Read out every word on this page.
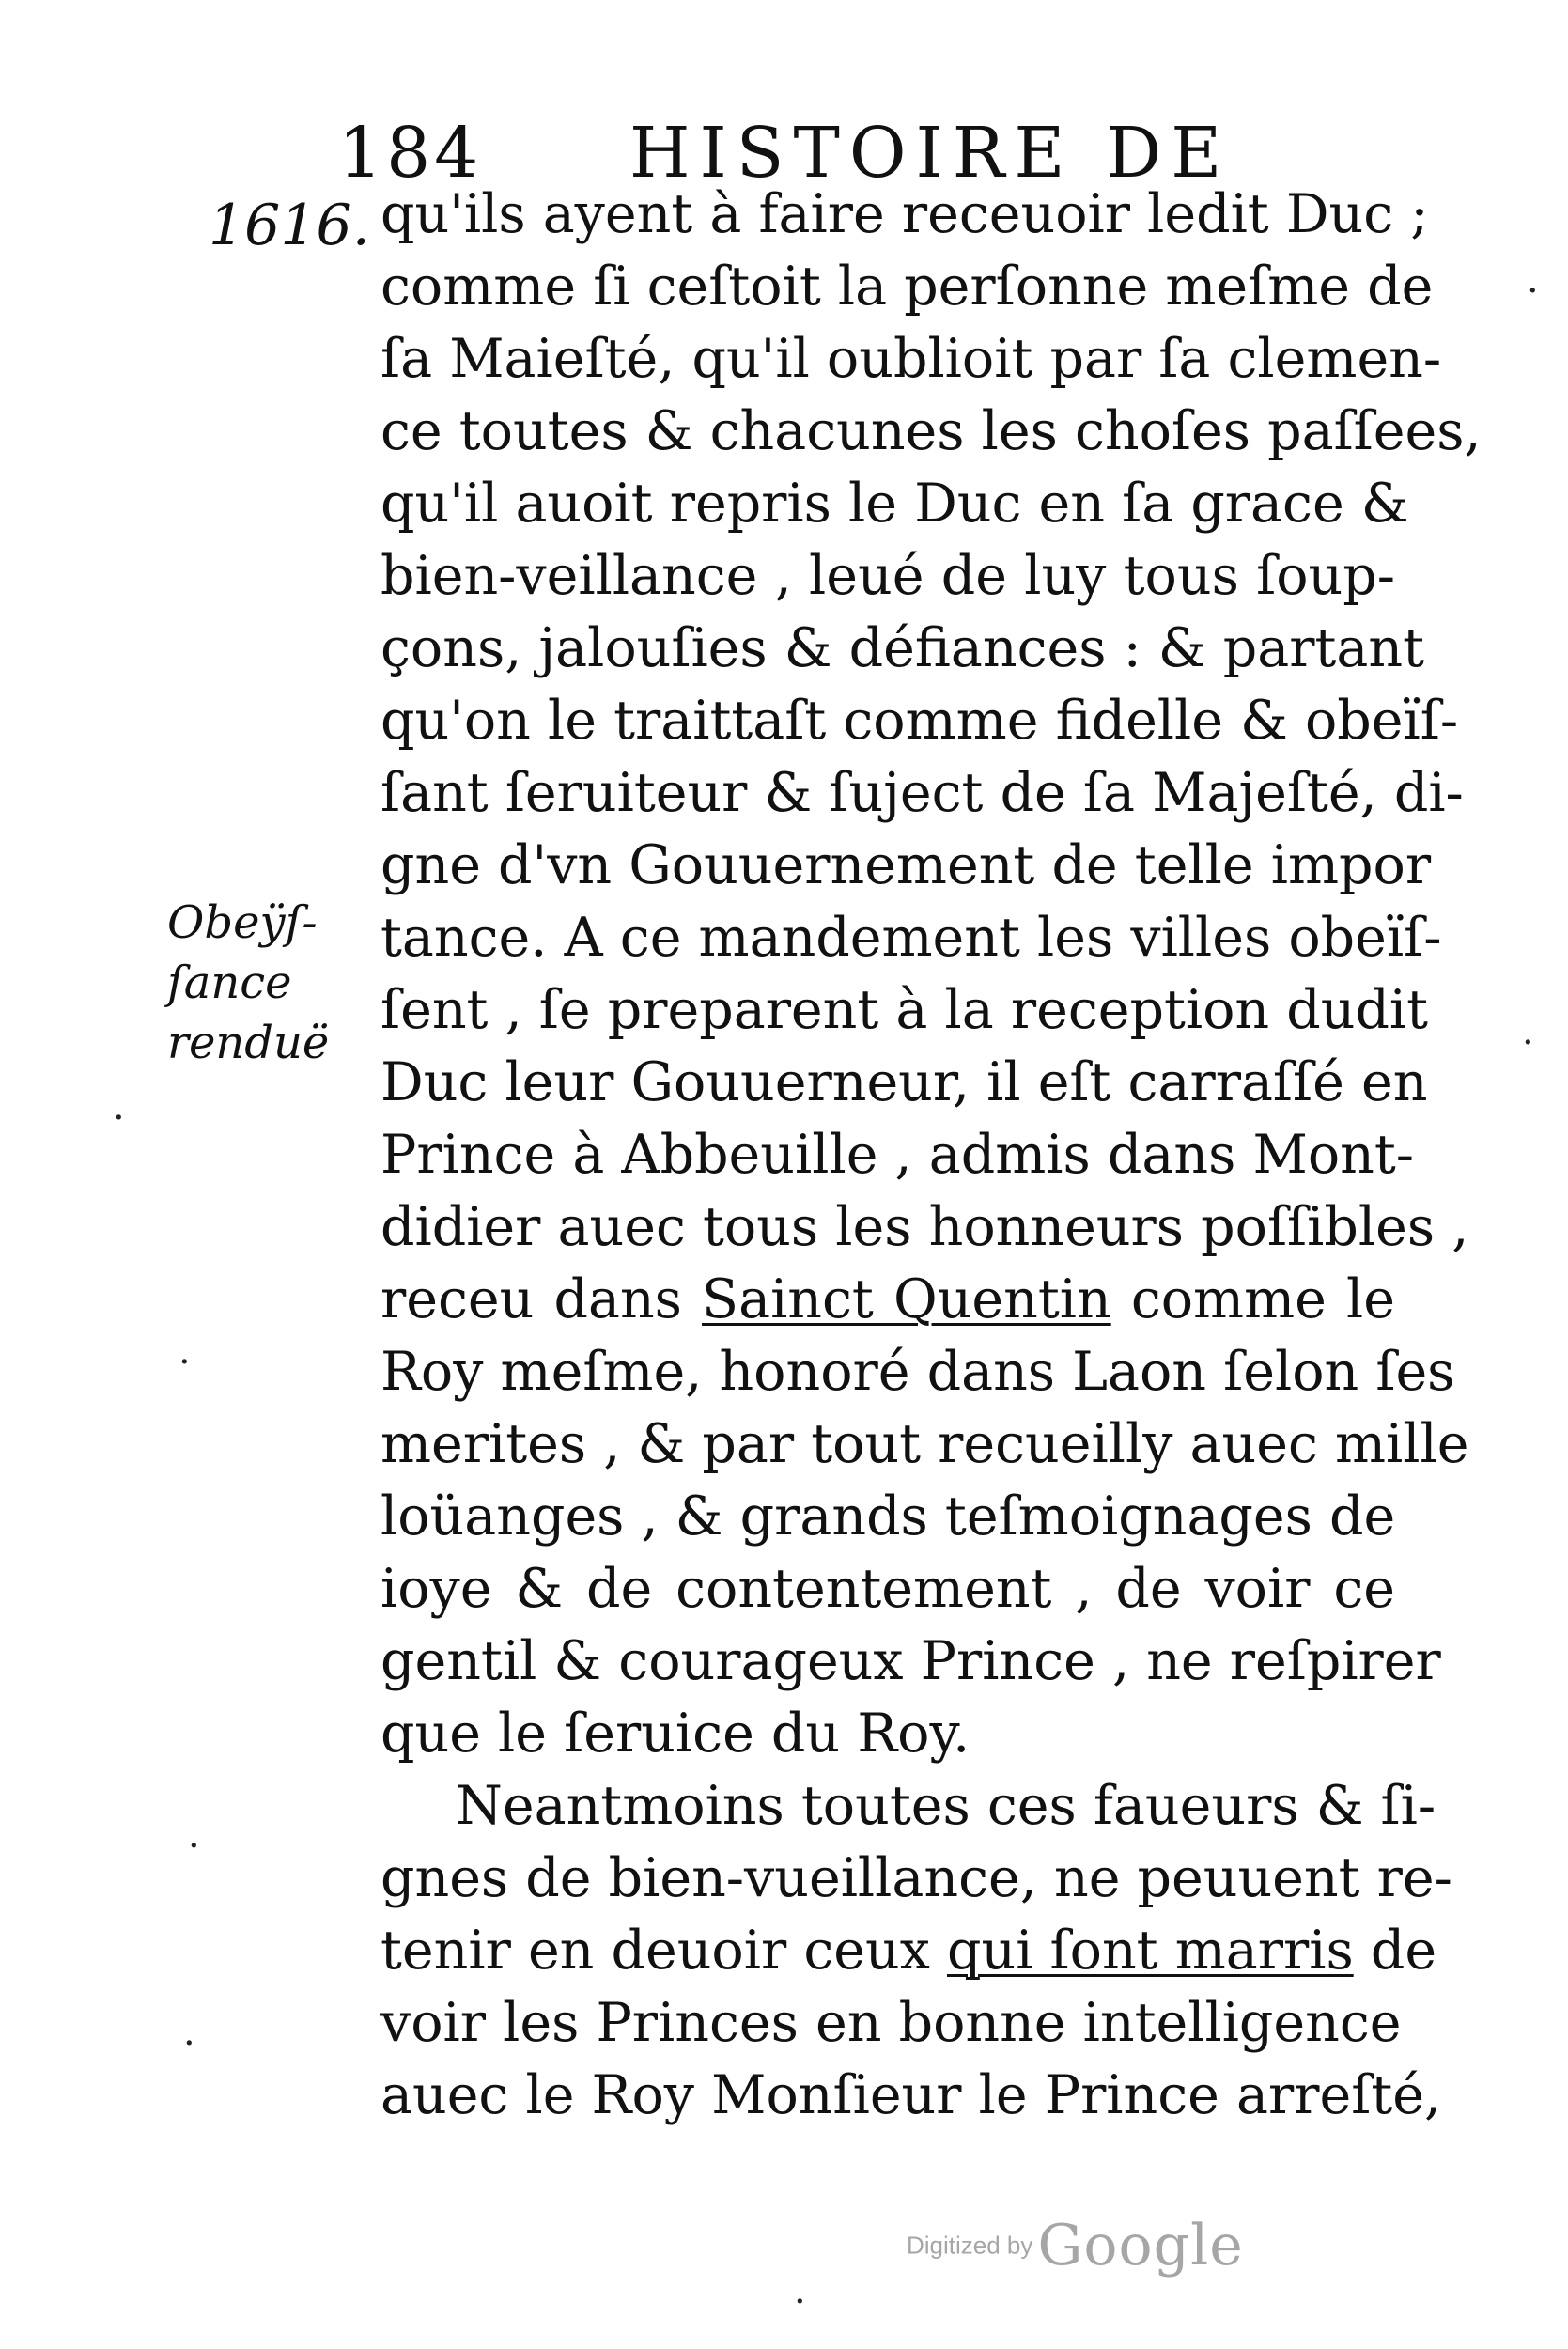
184 HISTOIRE DE
1616.
Obeÿſ-
ſance
renduë
qu'ils ayent à faire receuoir ledit Duc ;
comme ſi ceſtoit la perſonne meſme de
ſa Maieſté, qu'il oublioit par ſa clemen-
ce toutes & chacunes les choſes paſſees,
qu'il auoit repris le Duc en ſa grace &
bien-veillance , leué de luy tous ſoup-
çons, jalouſies & défiances : & partant
qu'on le traittaſt comme fidelle & obeïſ-
ſant ſeruiteur & ſuject de ſa Majeſté, di-
gne d'vn Gouuernement de telle impor
tance. A ce mandement les villes obeïſ-
ſent , ſe preparent à la reception dudit
Duc leur Gouuerneur, il eſt carraſſé en
Prince à Abbeuille , admis dans Mont-
didier auec tous les honneurs poſſibles ,
receu dans Sainct Quentin comme le
Roy meſme, honoré dans Laon ſelon ſes
merites , & par tout recueilly auec mille
loüanges , & grands teſmoignages de
ioye & de contentement , de voir ce
gentil & courageux Prince , ne reſpirer
que le ſeruice du Roy.
Neantmoins toutes ces faueurs & ſi-
gnes de bien-vueillance, ne peuuent re-
tenir en deuoir ceux qui ſont marris de
voir les Princes en bonne intelligence
auec le Roy Monſieur le Prince arreſté,
·
·
·
·
·
·
·
Digitized by Google
